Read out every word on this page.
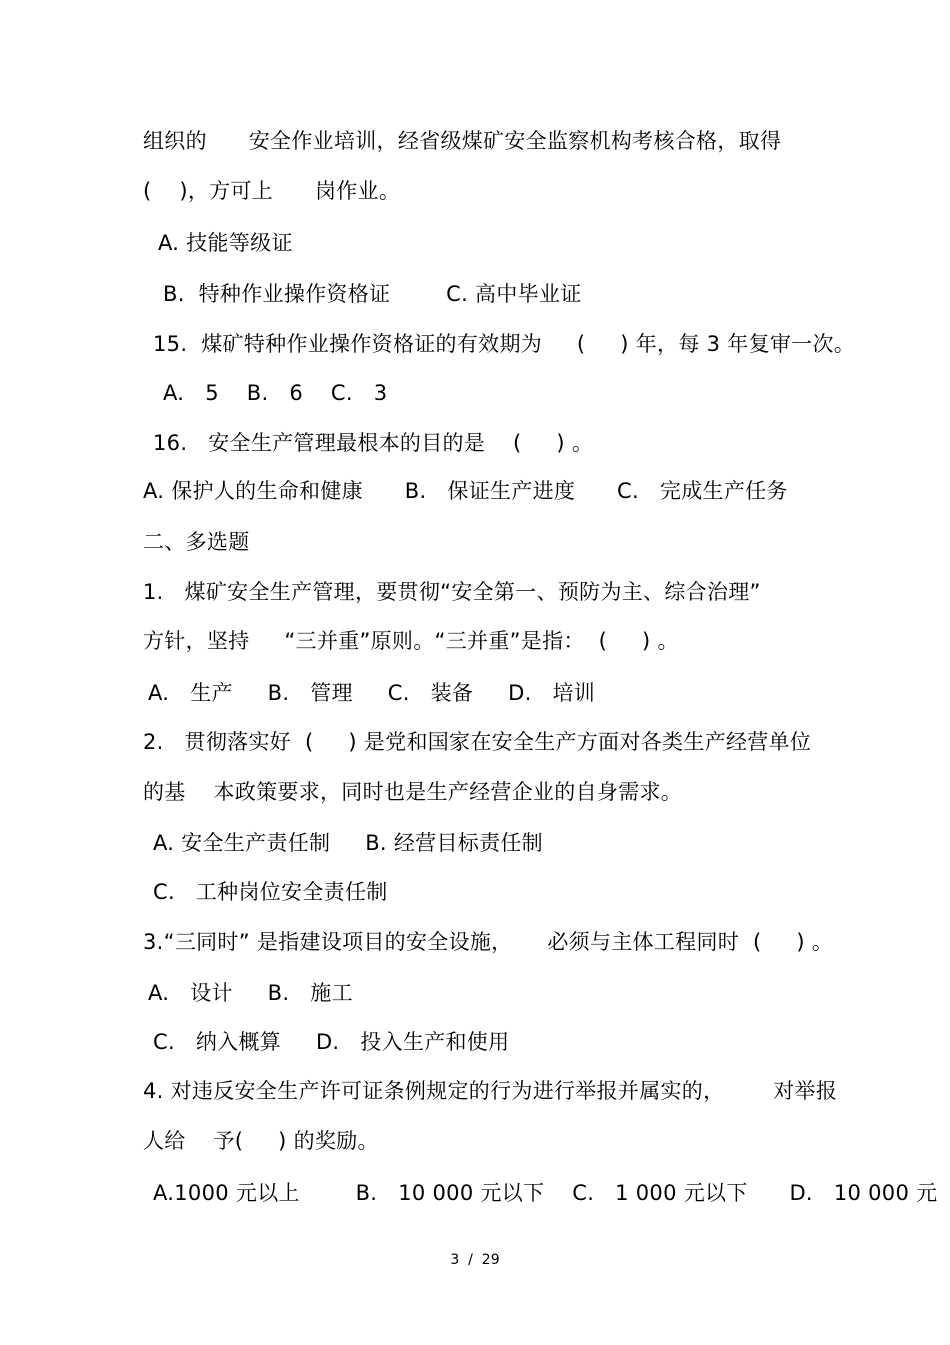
组织的      安全作业培训，经省级煤矿安全监察机构考核合格，取得
(    )，方可上      岗作业。
A. 技能等级证
B.  特种作业操作资格证        C. 高中毕业证
15.  煤矿特种作业操作资格证的有效期为     (     ) 年，每 3 年复审一次。
A.   5    B.   6    C.   3
16.   安全生产管理最根本的目的是    (     ) 。
A. 保护人的生命和健康      B.   保证生产进度      C.   完成生产任务
二、多选题
1.   煤矿安全生产管理，要贯彻“安全第一、预防为主、综合治理”
方针，坚持     “三并重”原则。“三并重”是指：  (     ) 。
A.   生产     B.   管理     C.   装备     D.   培训
2.   贯彻落实好  (     ) 是党和国家在安全生产方面对各类生产经营单位
的基    本政策要求，同时也是生产经营企业的自身需求。
A. 安全生产责任制     B. 经营目标责任制
C.   工种岗位安全责任制
3.“三同时” 是指建设项目的安全设施，     必须与主体工程同时  (     ) 。
A.   设计     B.   施工
C.   纳入概算     D.   投入生产和使用
4. 对违反安全生产许可证条例规定的行为进行举报并属实的，       对举报
人给    予(     ) 的奖励。
A.1000 元以上        B.   10 000 元以下    C.   1 000 元以下      D.   10 000 元
3  /  29
